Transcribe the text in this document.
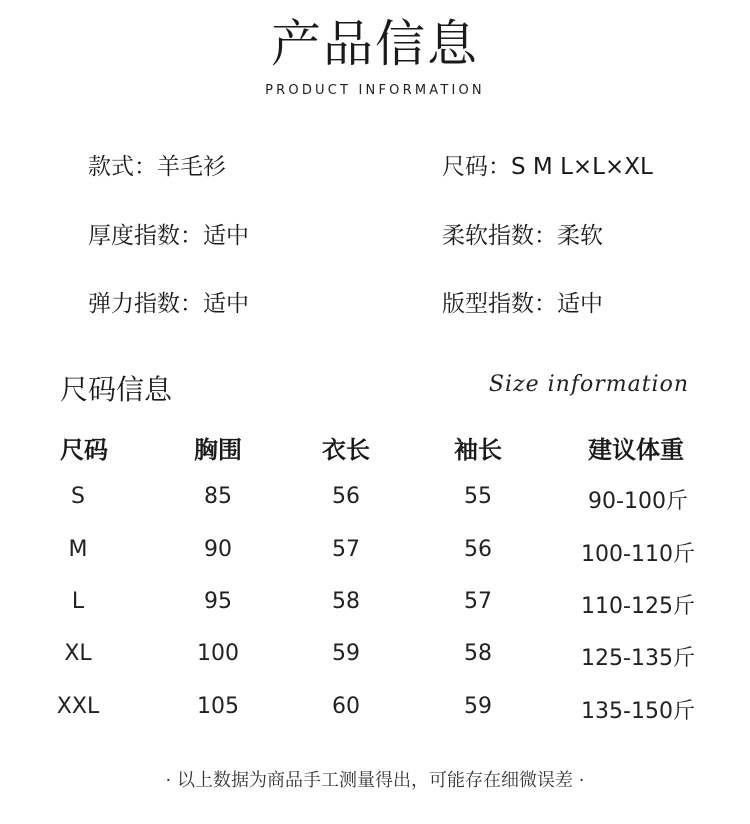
产品信息
PRODUCT INFORMATION
款式：羊毛衫	尺码：S M L×L×XL
厚度指数：适中	柔软指数：柔软
弹力指数：适中	版型指数：适中
尺码信息	Size information
尺码	胸围	衣长	袖长	建议体重
S	85	56	55	90-100斤
M	90	57	56	100-110斤
L	95	58	57	110-125斤
XL	100	59	58	125-135斤
XXL	105	60	59	135-150斤
· 以上数据为商品手工测量得出，可能存在细微误差 ·
